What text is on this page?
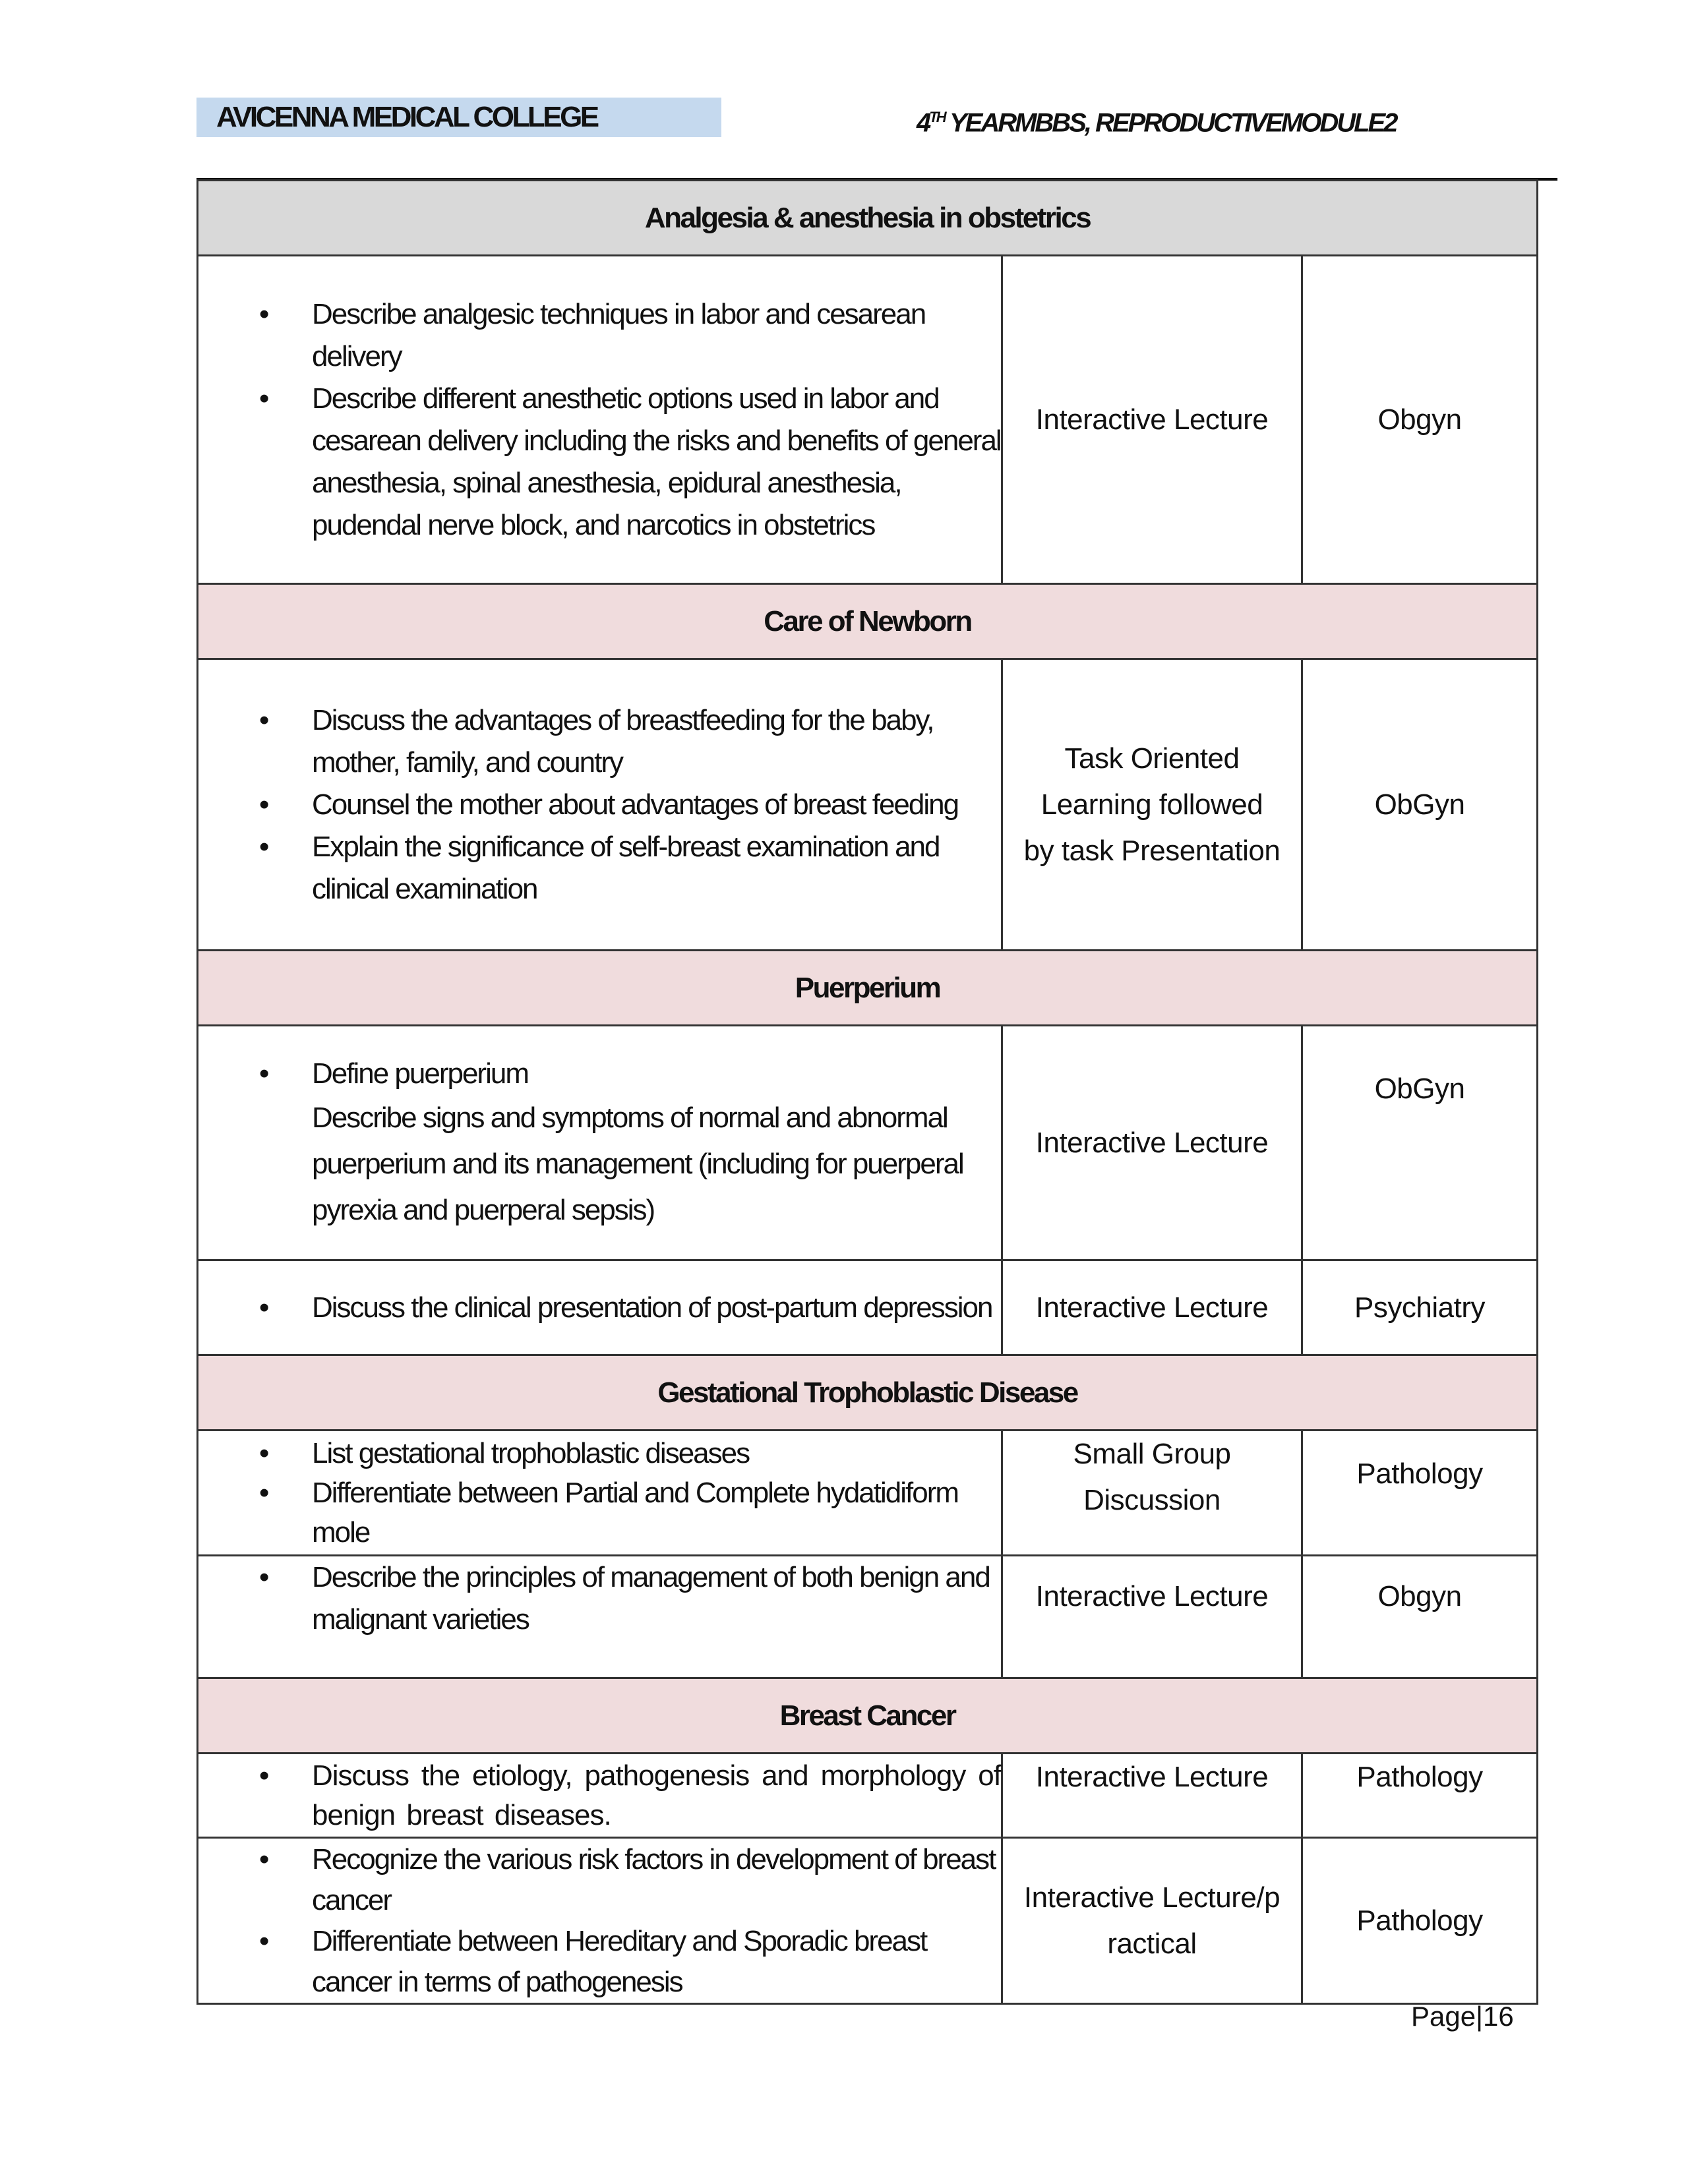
AVICENNA MEDICAL COLLEGE	4TH YEARMBBS, REPRODUCTIVEMODULE2
Analgesia & anesthesia in obstetrics		

• Describe analgesic techniques in labor and cesarean delivery
• Describe different anesthetic options used in labor and cesarean delivery including the risks and benefits of general anesthesia, spinal anesthesia, epidural anesthesia, pudendal nerve block, and narcotics in obstetrics
	Interactive Lecture	Obgyn
Care of Newborn		

• Discuss the advantages of breastfeeding for the baby, mother, family, and country
• Counsel the mother about advantages of breast feeding
• Explain the significance of self-breast examination and clinical examination
	Task Oriented Learning followed by task Presentation	ObGyn
Puerperium		

• Define puerperium
Describe signs and symptoms of normal and abnormal puerperium and its management (including for puerperal pyrexia and puerperal sepsis)
	Interactive Lecture	ObGyn

• Discuss the clinical presentation of post-partum depression	Interactive Lecture	Psychiatry
Gestational Trophoblastic Disease		

• List gestational trophoblastic diseases
• Differentiate between Partial and Complete hydatidiform mole
	Small Group Discussion	Pathology

• Describe the principles of management of both benign and malignant varieties
	Interactive Lecture	Obgyn
Breast Cancer		

• Discuss the etiology, pathogenesis and morphology of benign breast diseases.
	Interactive Lecture	Pathology

• Recognize the various risk factors in development of breast cancer
• Differentiate between Hereditary and Sporadic breast cancer in terms of pathogenesis
	Interactive Lecture/practical	Pathology
Page|16
